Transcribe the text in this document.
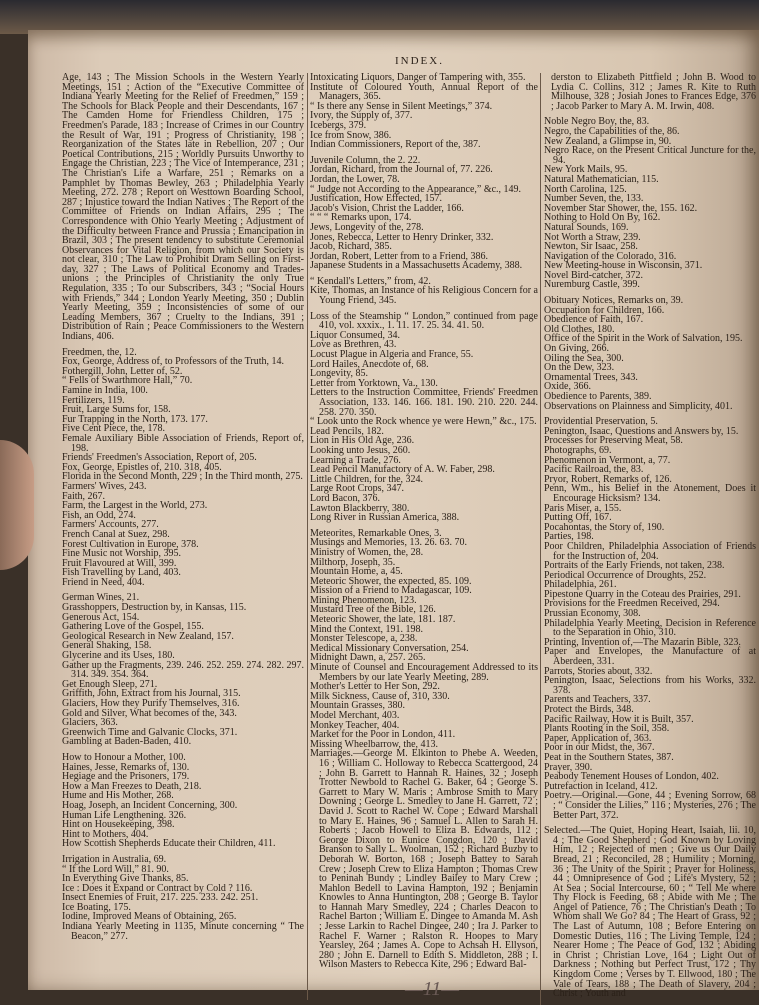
INDEX.

Age, 143 ; The Mission Schools in the Western Yearly Meetings, 151 ; Action of the “Executive Committee of Indiana Yearly Meeting for the Relief of Freedmen,” 159 ; The Schools for Black People and their Descendants, 167 ; The Camden Home for Friendless Children, 175 ; Freedmen's Parade, 183 ; Increase of Crimes in our Country the Result of War, 191 ; Progress of Christianity, 198 ; Reorganization of the States late in Rebellion, 207 ; Our Poetical Contributions, 215 ; Worldly Pursuits Unworthy to Engage the Christian, 223 ; The Vice of Intemperance, 231 ; The Christian's Life a Warfare, 251 ; Remarks on a Pamphlet by Thomas Bewley, 263 ; Philadelphia Yearly Meeting, 272. 278 ; Report on Westtown Boarding School, 287 ; Injustice toward the Indian Natives ; The Report of the Committee of Friends on Indian Affairs, 295 ; The Correspondence with Ohio Yearly Meeting ; Adjustment of the Difficulty between France and Prussia ; Emancipation in Brazil, 303 ; The present tendency to substitute Ceremonial Observances for Vital Religion, from which our Society is not clear, 310 ; The Law to Prohibit Dram Selling on First-day, 327 ; The Laws of Political Economy and Trades-unions ; the Principles of Christianity the only True Regulation, 335 ; To our Subscribers, 343 ; “Social Hours with Friends,” 344 ; London Yearly Meeting, 350 ; Dublin Yearly Meeting, 359 ; Inconsistencies of some of our Leading Members, 367 ; Cruelty to the Indians, 391 ; Distribution of Rain ; Peace Commissioners to the Western Indians, 406.

Freedmen, the, 12.

Fox, George, Address of, to Professors of the Truth, 14.

Fothergill, John, Letter of, 52.

“ Fells of Swarthmore Hall,” 70.

Famine in India, 100.

Fertilizers, 119.

Fruit, Large Sums for, 158.

Fur Trapping in the North, 173. 177.

Five Cent Piece, the, 178.

Female Auxiliary Bible Association of Friends, Report of, 198.

Friends' Freedmen's Association, Report of, 205.

Fox, George, Epistles of, 210. 318, 405.

Florida in the Second Month, 229 ; In the Third month, 275.

Farmers' Wives, 243.

Faith, 267.

Farm, the Largest in the World, 273.

Fish, an Odd, 274.

Farmers' Accounts, 277.

French Canal at Suez, 298.

Forest Cultivation in Europe, 378.

Fine Music not Worship, 395.

Fruit Flavoured at Will, 399.

Fish Travelling by Land, 403.

Friend in Need, 404.

German Wines, 21.

Grasshoppers, Destruction by, in Kansas, 115.

Generous Act, 154.

Gathering Love of the Gospel, 155.

Geological Research in New Zealand, 157.

General Shaking, 158.

Glycerine and its Uses, 180.

Gather up the Fragments, 239. 246. 252. 259. 274. 282. 297. 314. 349. 354. 364.

Get Enough Sleep, 271.

Griffith, John, Extract from his Journal, 315.

Glaciers, How they Purify Themselves, 316.

Gold and Silver, What becomes of the, 343.

Glaciers, 363.

Greenwich Time and Galvanic Clocks, 371.

Gambling at Baden-Baden, 410.

How to Honour a Mother, 100.

Haines, Jesse, Remarks of, 130.

Hegiage and the Prisoners, 179.

How a Man Freezes to Death, 218.

Hume and His Mother, 268.

Hoag, Joseph, an Incident Concerning, 300.

Human Life Lengthening. 326.

Hint on Housekeeping, 398.

Hint to Mothers, 404.

How Scottish Shepherds Educate their Children, 411.

Irrigation in Australia, 69.

“ If the Lord Will,” 81. 90.

In Everything Give Thanks, 85.

Ice : Does it Expand or Contract by Cold ? 116.

Insect Enemies of Fruit, 217. 225. 233. 242. 251.

Ice Boating, 175.

Iodine, Improved Means of Obtaining, 265.

Indiana Yearly Meeting in 1135, Minute concerning “ The Beacon,” 277.

Intoxicating Liquors, Danger of Tampering with, 355.

Institute of Coloured Youth, Annual Report of the Managers, 365.

“ Is there any Sense in Silent Meetings,” 374.

Ivory, the Supply of, 377.

Icebergs, 379.

Ice from Snow, 386.

Indian Commissioners, Report of the, 387.

Juvenile Column, the 2. 22.

Jordan, Richard, from the Journal of, 77. 226.

Jordan, the Lower, 78.

“ Judge not According to the Appearance,” &c., 149.

Justification, How Effected, 157.

Jacob's Vision, Christ the Ladder, 166.

“ “ “ Remarks upon, 174.

Jews, Longevity of the, 278.

Jones, Rebecca, Letter to Henry Drinker, 332.

Jacob, Richard, 385.

Jordan, Robert, Letter from to a Friend, 386.

Japanese Students in a Massachusetts Academy, 388.

“ Kendall's Letters,” from, 42.

Kite, Thomas, an Instance of his Religious Concern for a Young Friend, 345.

Loss of the Steamship “ London,” continued from page 410, vol. xxxix., 1. 11. 17. 25. 34. 41. 50.

Liquor Consumed, 34.

Love as Brethren, 43.

Locust Plague in Algeria and France, 55.

Lord Hailes, Anecdote of, 68.

Longevity, 85.

Letter from Yorktown, Va., 130.

Letters to the Instruction Committee, Friends' Freedmen Association, 133. 146. 166. 181. 190. 210. 220. 244. 258. 270. 350.

“ Look unto the Rock whence ye were Hewn,” &c., 175.

Lead Pencils, 182.

Lion in His Old Age, 236.

Looking unto Jesus, 260.

Learning a Trade, 276.

Lead Pencil Manufactory of A. W. Faber, 298.

Little Children, for the, 324.

Large Root Crops, 347.

Lord Bacon, 376.

Lawton Blackberry, 380.

Long River in Russian America, 388.

Meteorites, Remarkable Ones, 3.

Musings and Memories, 13. 26. 63. 70.

Ministry of Women, the, 28.

Milthorp, Joseph, 35.

Mountain Home, a, 45.

Meteoric Shower, the expected, 85. 109.

Mission of a Friend to Madagascar, 109.

Mining Phenomenon, 123.

Mustard Tree of the Bible, 126.

Meteoric Shower, the late, 181. 187.

Mind the Context, 191. 198.

Monster Telescope, a, 238.

Medical Missionary Conversation, 254.

Midnight Dawn, a, 257. 265.

Minute of Counsel and Encouragement Addressed to its Members by our late Yearly Meeting, 289.

Mother's Letter to Her Son, 292.

Milk Sickness, Cause of, 310, 330.

Mountain Grasses, 380.

Model Merchant, 403.

Monkey Teacher, 404.

Market for the Poor in London, 411.

Missing Wheelbarrow, the, 413.

Marriages.—George M. Elkinton to Phebe A. Weeden, 16 ; William C. Holloway to Rebecca Scattergood, 24 ; John B. Garrett to Hannah R. Haines, 32 ; Joseph Trotter Newbold to Rachel G. Baker, 64 ; George S. Garrett to Mary W. Maris ; Ambrose Smith to Mary Downing ; George L. Smedley to Jane H. Garrett, 72 ; David J. Scott to Rachel W. Cope ; Edward Marshall to Mary E. Haines, 96 ; Samuel L. Allen to Sarah H. Roberts ; Jacob Howell to Eliza B. Edwards, 112 ; George Dixon to Eunice Congdon, 120 ; David Branson to Sally L. Woolman, 152 ; Richard Buzby to Deborah W. Borton, 168 ; Joseph Battey to Sarah Crew ; Joseph Crew to Eliza Hampton ; Thomas Crew to Peninah Bundy ; Lindley Bailey to Mary Crew ; Mahlon Bedell to Lavina Hampton, 192 ; Benjamin Knowles to Anna Huntington, 208 ; George B. Taylor to Hannah Mary Smedley, 224 ; Charles Deacon to Rachel Barton ; William E. Dingee to Amanda M. Ash ; Jesse Larkin to Rachel Dingee, 240 ; Ira J. Parker to Rachel F. Warner ; Ralston R. Hoopes to Mary Yearsley, 264 ; James A. Cope to Achsah H. Ellyson, 280 ; John E. Darnell to Edith S. Middleton, 288 ; I. Wilson Masters to Rebecca Kite, 296 ; Edward Bal-

—11—

derston to Elizabeth Pittfield ; John B. Wood to Lydia C. Collins, 312 ; James R. Kite to Ruth Milhouse, 328 ; Josiah Jones to Frances Edge, 376 ; Jacob Parker to Mary A. M. Irwin, 408.

Noble Negro Boy, the, 83.

Negro, the Capabilities of the, 86.

New Zealand, a Glimpse in, 90.

Negro Race, on the Present Critical Juncture for the, 94.

New York Mails, 95.

Natural Mathematician, 115.

North Carolina, 125.

Number Seven, the, 133.

November Star Shower, the, 155. 162.

Nothing to Hold On By, 162.

Natural Sounds, 169.

Not Worth a Straw, 239.

Newton, Sir Isaac, 258.

Navigation of the Colorado, 316.

New Meeting-house in Wisconsin, 371.

Novel Bird-catcher, 372.

Nuremburg Castle, 399.

Obituary Notices, Remarks on, 39.

Occupation for Children, 166.

Obedience of Faith, 167.

Old Clothes, 180.

Office of the Spirit in the Work of Salvation, 195.

On Giving, 266.

Oiling the Sea, 300.

On the Dew, 323.

Ornamental Trees, 343.

Oxide, 366.

Obedience to Parents, 389.

Observations on Plainness and Simplicity, 401.

Providential Preservation, 5.

Penington, Isaac, Questions and Answers by, 15.

Processes for Preserving Meat, 58.

Photographs, 69.

Phenomenon in Vermont, a, 77.

Pacific Railroad, the, 83.

Pryor, Robert, Remarks of, 126.

Penn, Wm., his Belief in the Atonement, Does it Encourage Hicksism? 134.

Paris Miser, a, 155.

Putting Off, 167.

Pocahontas, the Story of, 190.

Parties, 198.

Poor Children, Philadelphia Association of Friends for the Instruction of, 204.

Portraits of the Early Friends, not taken, 238.

Periodical Occurrence of Droughts, 252.

Philadelphia, 261.

Pipestone Quarry in the Coteau des Prairies, 291.

Provisions for the Freedmen Received, 294.

Prussian Economy, 308.

Philadelphia Yearly Meeting, Decision in Reference to the Separation in Ohio, 310.

Printing, Invention of,—The Mazarin Bible, 323.

Paper and Envelopes, the Manufacture of at Aberdeen, 331.

Parrots, Stories about, 332.

Penington, Isaac, Selections from his Works, 332. 378.

Parents and Teachers, 337.

Protect the Birds, 348.

Pacific Railway, How it is Built, 357.

Plants Rooting in the Soil, 358.

Paper, Application of, 363.

Poor in our Midst, the, 367.

Peat in the Southern States, 387.

Prayer, 390.

Peabody Tenement Houses of London, 402.

Putrefaction in Iceland, 412.

Poetry.—Original.—Gone, 44 ; Evening Sorrow, 68 ; “ Consider the Lilies,” 116 ; Mysteries, 276 ; The Better Part, 372.

Selected.—The Quiet, Hoping Heart, Isaiah, lii. 10, 4 ; The Good Shepherd ; God Known by Loving Him, 12 ; Rejected of men ; Give us Our Daily Bread, 21 ; Reconciled, 28 ; Humility ; Morning, 36 ; The Unity of the Spirit ; Prayer for Holiness, 44 ; Omnipresence of God ; Life's Mystery, 52 ; At Sea ; Social Intercourse, 60 ; “ Tell Me where Thy Flock is Feeding, 68 ; Abide with Me ; The Angel of Patience, 76 ; The Christian's Death ; To Whom shall We Go? 84 ; The Heart of Grass, 92 ; The Last of Autumn, 108 ; Before Entering on Domestic Duties, 116 ; The Living Temple, 124 ; Nearer Home ; The Peace of God, 132 ; Abiding in Christ ; Christian Love, 164 ; Light Out of Darkness ; Nothing but Perfect Trust, 172 ; Thy Kingdom Come ; Verses by T. Ellwood, 180 ; The Vale of Tears, 188 ; The Death of Slavery, 204 ; Christ ; Youth and
